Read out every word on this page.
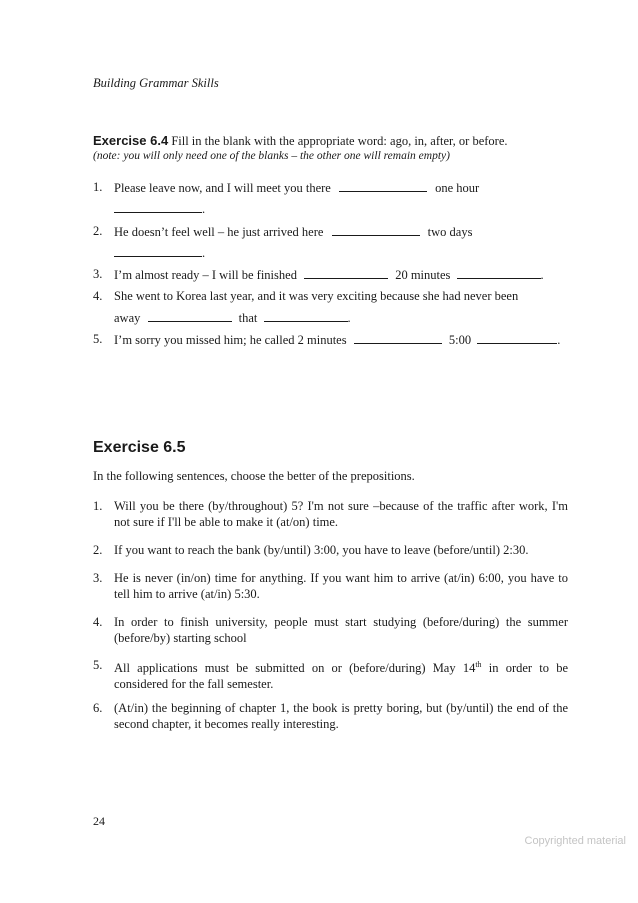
Building Grammar Skills
Exercise 6.4 Fill in the blank with the appropriate word: ago, in, after, or before.
(note: you will only need one of the blanks – the other one will remain empty)
1. Please leave now, and I will meet you there	one hour
.
2. He doesn’t feel well – he just arrived here	two days
.
3. I’m almost ready – I will be finished	20 minutes	.
4. She went to Korea last year, and it was very exciting because she had never been
away	that	.
5. I’m sorry you missed him; he called 2 minutes	5:00	.
Exercise 6.5
In the following sentences, choose the better of the prepositions.
1. Will you be there (by/throughout) 5? I'm not sure –because of the traffic after work, I'm not sure if I'll be able to make it (at/on) time.
2. If you want to reach the bank (by/until) 3:00, you have to leave (before/until) 2:30.
3. He is never (in/on) time for anything. If you want him to arrive (at/in) 6:00, you have to tell him to arrive (at/in) 5:30.
4. In order to finish university, people must start studying (before/during) the summer (before/by) starting school
5. All applications must be submitted on or (before/during) May 14th in order to be considered for the fall semester.
6. (At/in) the beginning of chapter 1, the book is pretty boring, but (by/until) the end of the second chapter, it becomes really interesting.
24
Copyrighted material
